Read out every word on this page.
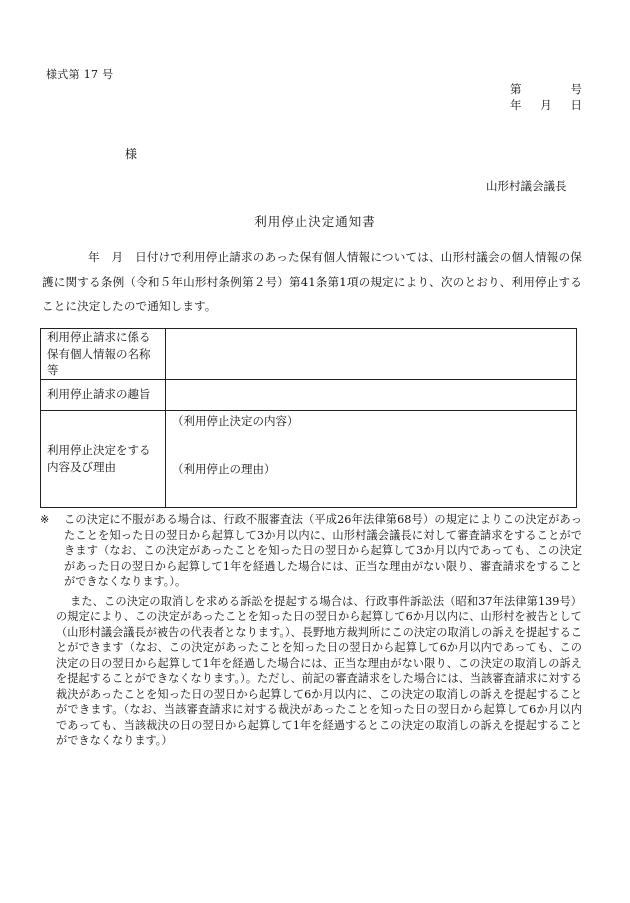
様式第 17 号
第	号
年 月 日
様
山形村議会議長
利用停止決定通知書
年　月　日付けで利用停止請求のあった保有個人情報については、山形村議会の個人情報の保護に関する条例（令和５年山形村条例第２号）第41条第1項の規定により、次のとおり、利用停止することに決定したので通知します。
利用停止請求に係る保有個人情報の名称等	
利用停止請求の趣旨	
利用停止決定をする内容及び理由	（利用停止決定の内容）
（利用停止の理由）
※	この決定に不服がある場合は、行政不服審査法（平成26年法律第68号）の規定によりこの決定があったことを知った日の翌日から起算して3か月以内に、山形村議会議長に対して審査請求をすることができます（なお、この決定があったことを知った日の翌日から起算して3か月以内であっても、この決定があった日の翌日から起算して1年を経過した場合には、正当な理由がない限り、審査請求をすることができなくなります。）。
また、この決定の取消しを求める訴訟を提起する場合は、行政事件訴訟法（昭和37年法律第139号）の規定により、この決定があったことを知った日の翌日から起算して6か月以内に、山形村を被告として（山形村議会議長が被告の代表者となります。）、長野地方裁判所にこの決定の取消しの訴えを提起することができます（なお、この決定があったことを知った日の翌日から起算して6か月以内であっても、この決定の日の翌日から起算して1年を経過した場合には、正当な理由がない限り、この決定の取消しの訴えを提起することができなくなります。）。ただし、前記の審査請求をした場合には、当該審査請求に対する裁決があったことを知った日の翌日から起算して6か月以内に、この決定の取消しの訴えを提起することができます。（なお、当該審査請求に対する裁決があったことを知った日の翌日から起算して6か月以内であっても、当該裁決の日の翌日から起算して1年を経過するとこの決定の取消しの訴えを提起することができなくなります。）
